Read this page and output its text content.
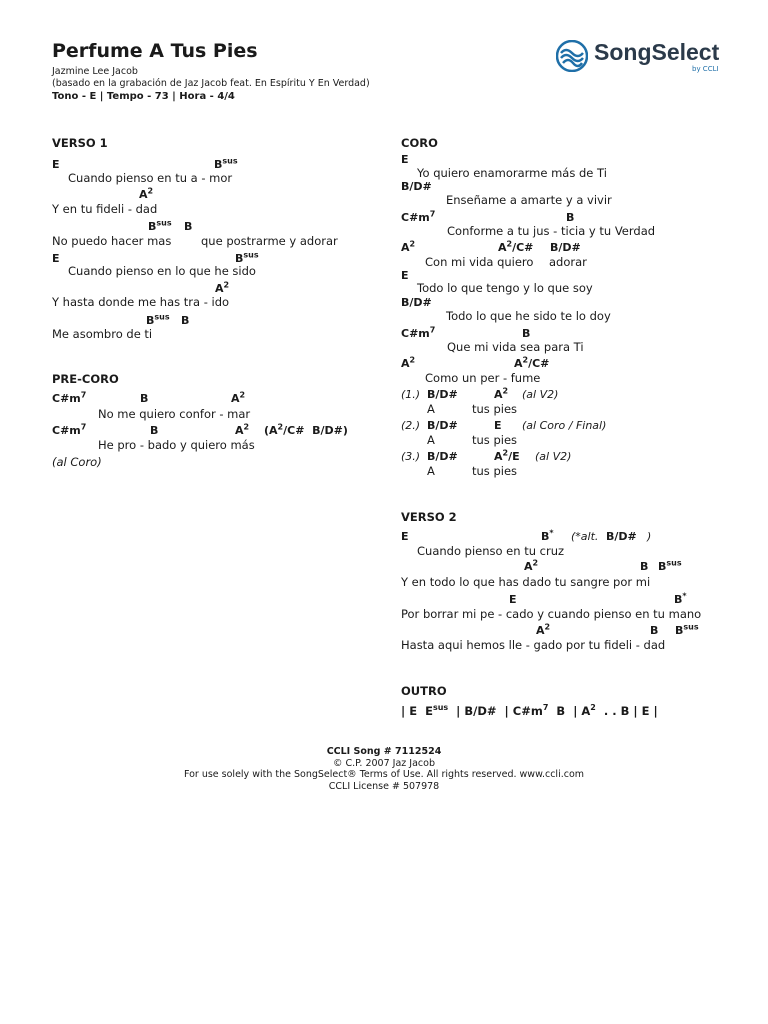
Perfume A Tus Pies
Jazmine Lee Jacob
(basado en la grabación de Jaz Jacob feat. En Espíritu Y En Verdad)
Tono - E | Tempo - 73 | Hora - 4/4
SongSelect
by CCLI
VERSO 1
E	$B^{sus}$
Cuando pienso en tu a - mor
$A^2$
Y en tu fideli - dad
$B^{sus}$ B
No puedo hacer mas	que postrarme y adorar
E	$B^{sus}$
Cuando pienso en lo que he sido
$A^2$
Y hasta donde me has tra - ido
$B^{sus}$ B
Me asombro de ti
PRE-CORO
$C\#m^7$	B	$A^2$
No me quiero confor - mar
$C\#m^7$	B	$A^2$ ($A^2/C\#$ B/D#)
He pro - bado y quiero más
(al Coro)
CORO
E
Yo quiero enamorarme más de Ti
B/D#
Enseñame a amarte y a vivir
$C\#m^7$	B
Conforme a tu jus - ticia y tu Verdad
$A^2$	$A^2/C\#$ B/D#
Con mi vida quiero adorar
E
Todo lo que tengo y lo que soy
B/D#
Todo lo que he sido te lo doy
$C\#m^7$	B
Que mi vida sea para Ti
$A^2$	$A^2/C\#$
Como un per - fume
(1.) B/D#	$A^2$ (al V2)
A	tus pies
(2.) B/D#	E (al Coro / Final)
A	tus pies
(3.) B/D#	$A^2/E$ (al V2)
A	tus pies
VERSO 2
E	B* (*alt. B/D# )
Cuando pienso en tu cruz
$A^2$	B $B^{sus}$
Y en todo lo que has dado tu sangre por mi
E	B*
Por borrar mi pe - cado y cuando pienso en tu mano
$A^2$	B $B^{sus}$
Hasta aqui hemos lle - gado por tu fideli - dad
OUTRO
| E $E^{sus}$ | B/D# | $C\#m^7$ B | $A^2$ . . B | E |
CCLI Song # 7112524
© C.P. 2007 Jaz Jacob
For use solely with the SongSelect® Terms of Use. All rights reserved. www.ccli.com
CCLI License # 507978
